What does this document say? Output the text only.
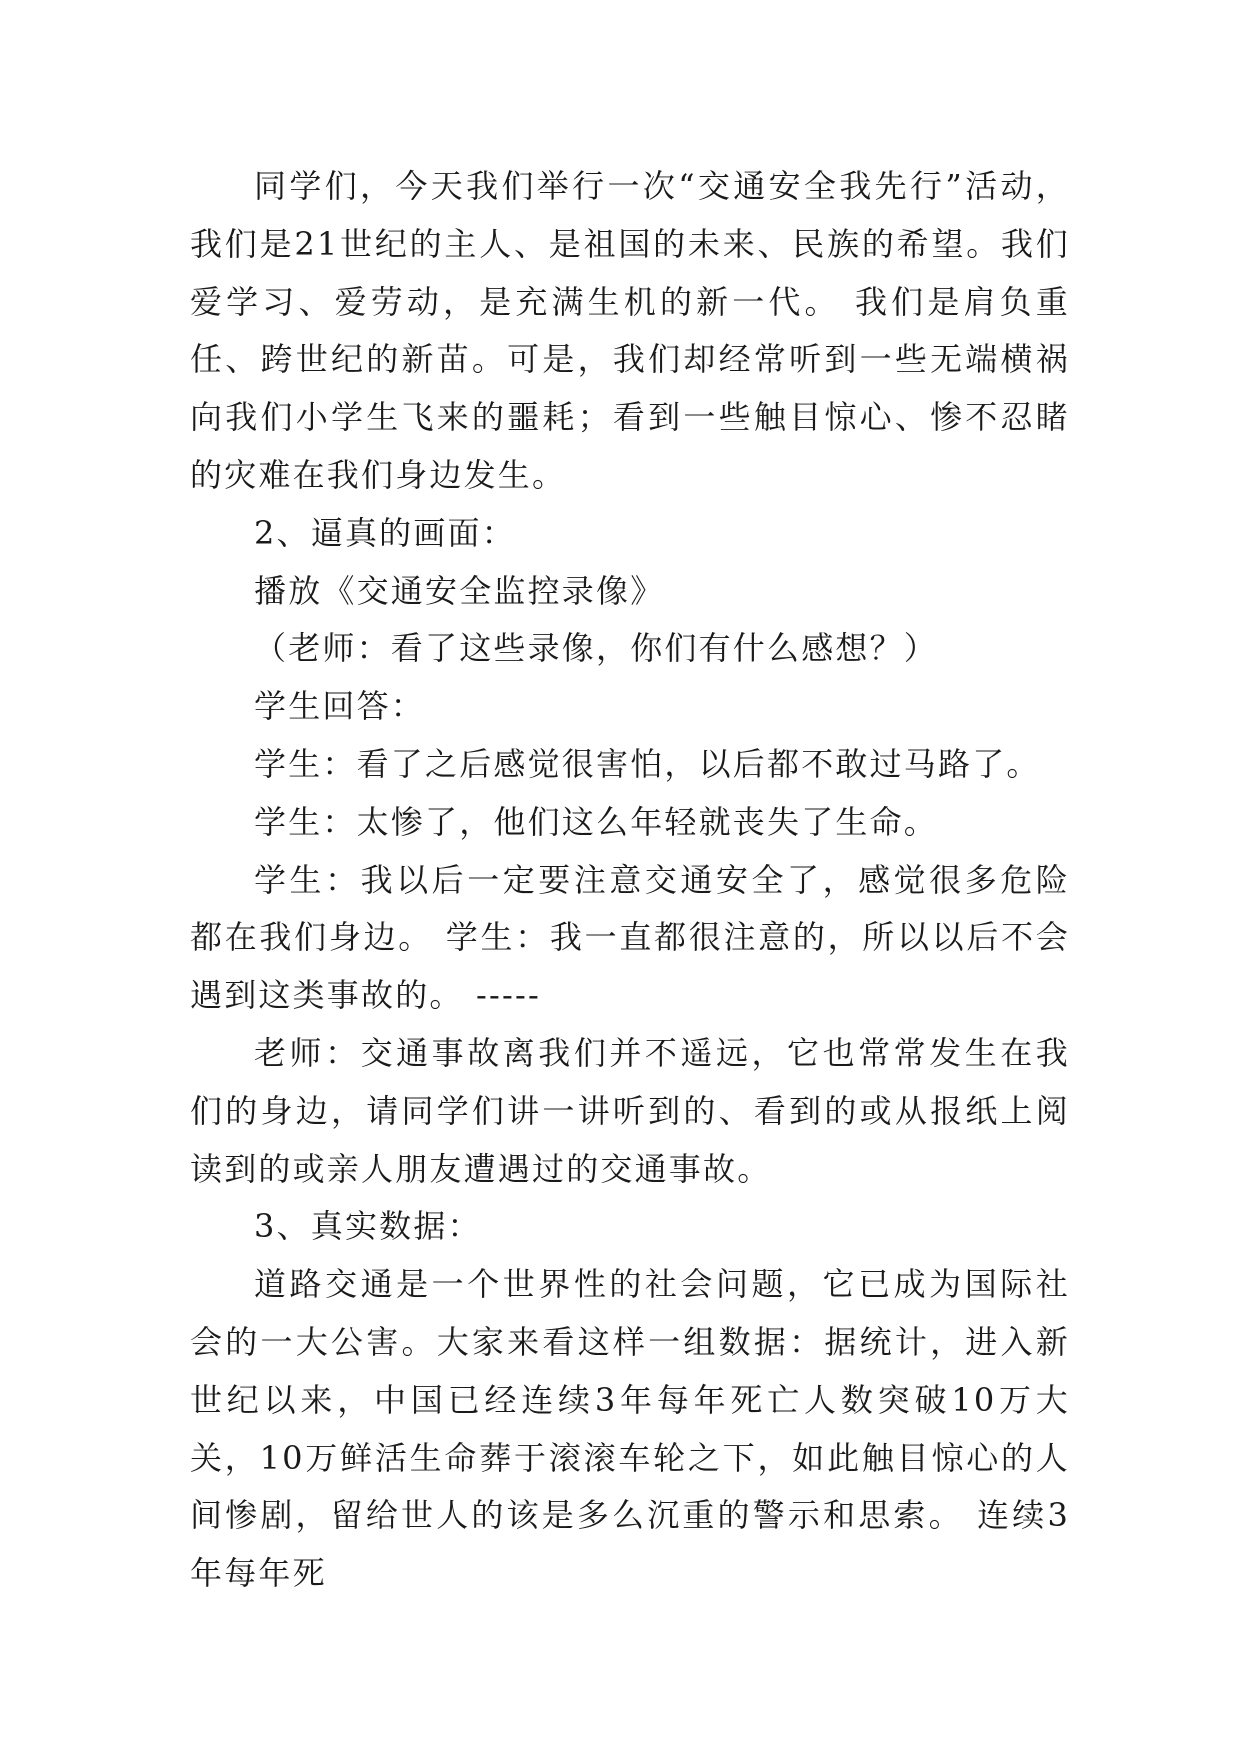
同学们，今天我们举行一次“交通安全我先行”活动，我们是21世纪的主人、是祖国的未来、民族的希望。我们爱学习、爱劳动，是充满生机的新一代。 我们是肩负重任、跨世纪的新苗。可是，我们却经常听到一些无端横祸向我们小学生飞来的噩耗；看到一些触目惊心、惨不忍睹的灾难在我们身边发生。

2、逼真的画面：

播放《交通安全监控录像》

（老师：看了这些录像，你们有什么感想？）

学生回答：

学生：看了之后感觉很害怕，以后都不敢过马路了。

学生：太惨了，他们这么年轻就丧失了生命。

学生：我以后一定要注意交通安全了，感觉很多危险都在我们身边。 学生：我一直都很注意的，所以以后不会遇到这类事故的。 -----

老师：交通事故离我们并不遥远，它也常常发生在我们的身边，请同学们讲一讲听到的、看到的或从报纸上阅读到的或亲人朋友遭遇过的交通事故。

3、真实数据：

道路交通是一个世界性的社会问题，它已成为国际社会的一大公害。大家来看这样一组数据：据统计，进入新世纪以来，中国已经连续3年每年死亡人数突破10万大关，10万鲜活生命葬于滚滚车轮之下，如此触目惊心的人间惨剧，留给世人的该是多么沉重的警示和思索。 连续3年每年死
